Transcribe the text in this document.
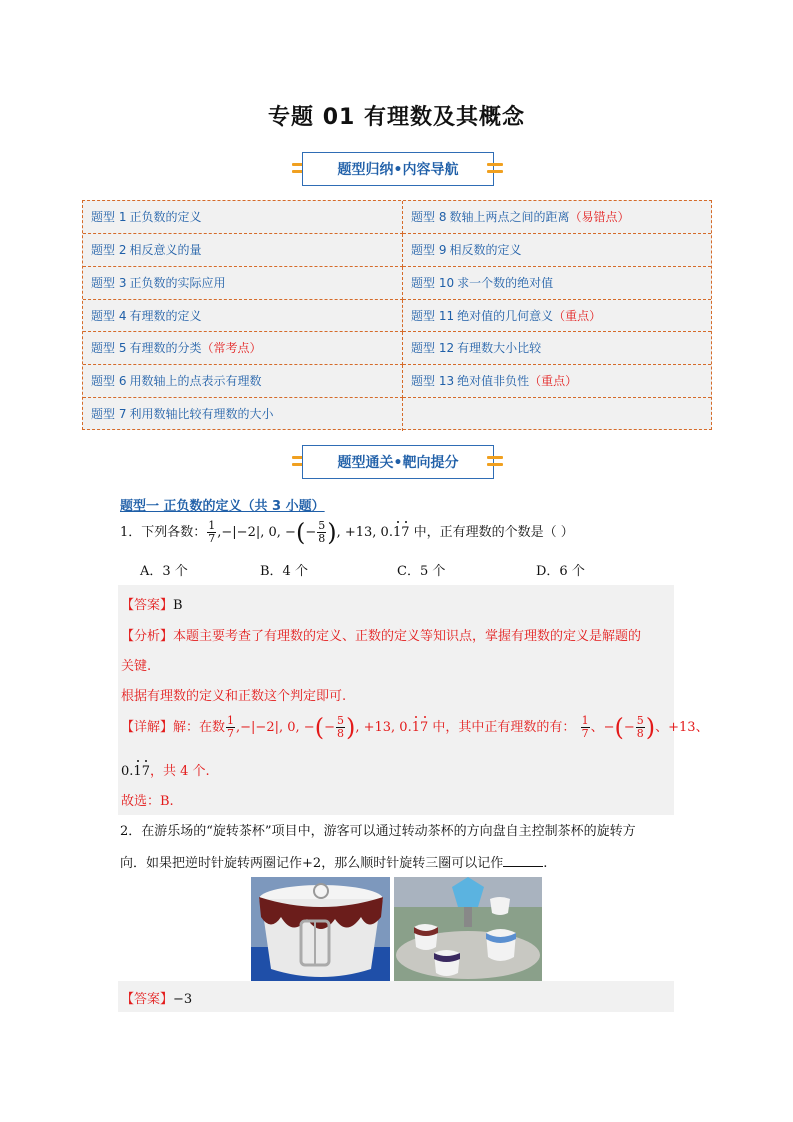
专题 01 有理数及其概念
题型归纳•内容导航
题型 1 正负数的定义	题型 8 数轴上两点之间的距离（易错点）
题型 2 相反意义的量	题型 9 相反数的定义
题型 3 正负数的实际应用	题型 10 求一个数的绝对值
题型 4 有理数的定义	题型 11 绝对值的几何意义（重点）
题型 5 有理数的分类（常考点）	题型 12 有理数大小比较
题型 6 用数轴上的点表示有理数	题型 13 绝对值非负性（重点）
题型 7 利用数轴比较有理数的大小
题型通关•靶向提分
题型一 正负数的定义（共 3 小题）
1．下列各数： $\frac{1}{7} ,-|-2|$, 0, −(− $\frac{5}{8}$ ), +13, 0.17 中，正有理数的个数是（ ）
A．3 个	B．4 个	C．5 个	D．6 个
【答案】B
【分析】本题主要考查了有理数的定义、正数的定义等知识点，掌握有理数的定义是解题的
关键.
根据有理数的定义和正数这个判定即可.
【详解】解：在数 $\frac{1}{7} ,-|-2|$, 0, −(− $\frac{5}{8}$ ), +13, 0.17 中，其中正有理数的有： $\frac{1}{7}$ 、−(− $\frac{5}{8}$ )、+13、
0.17，共 4 个.
故选：B.
2．在游乐场的“旋转茶杯”项目中，游客可以通过转动茶杯的方向盘自主控制茶杯的旋转方
向．如果把逆时针旋转两圈记作+2，那么顺时针旋转三圈可以记作	.
【答案】−3
